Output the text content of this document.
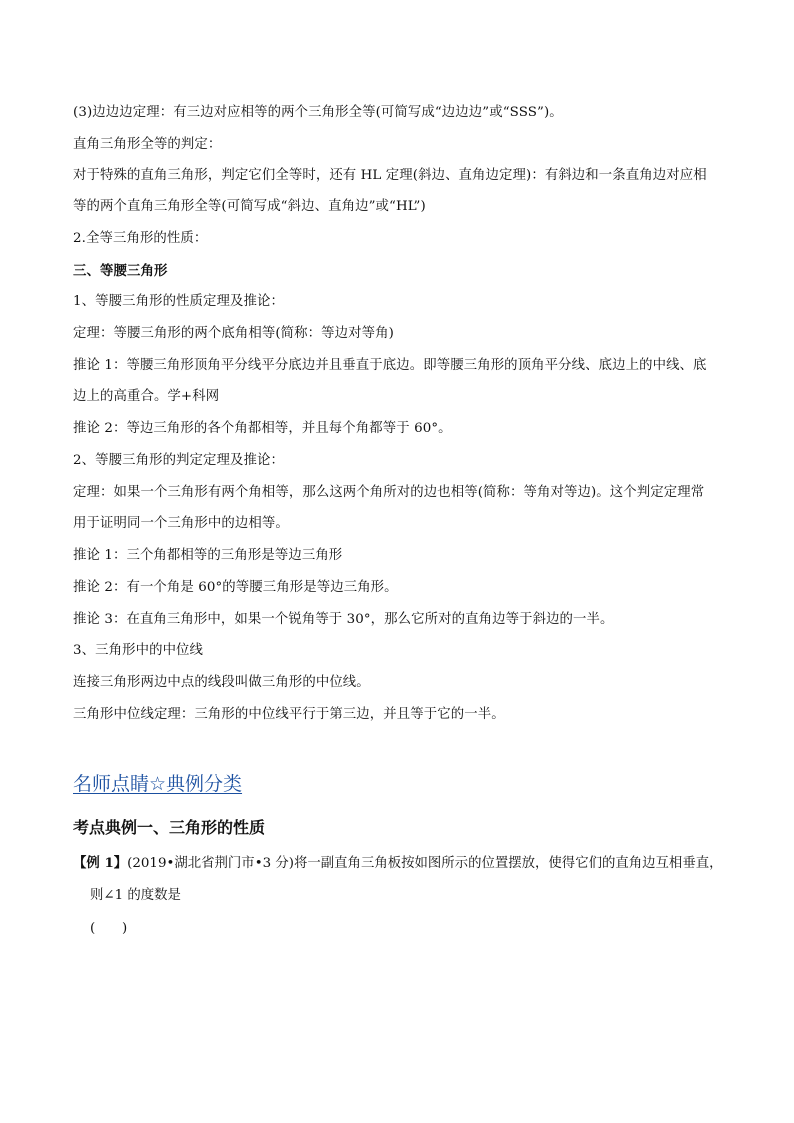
(3)边边边定理：有三边对应相等的两个三角形全等(可简写成“边边边”或“SSS”)。
直角三角形全等的判定：
对于特殊的直角三角形，判定它们全等时，还有 HL 定理(斜边、直角边定理)：有斜边和一条直角边对应相
等的两个直角三角形全等(可简写成“斜边、直角边”或“HL”)
2.全等三角形的性质：
三、等腰三角形
1、等腰三角形的性质定理及推论：
定理：等腰三角形的两个底角相等(简称：等边对等角)
推论 1：等腰三角形顶角平分线平分底边并且垂直于底边。即等腰三角形的顶角平分线、底边上的中线、底
边上的高重合。学+科网
推论 2：等边三角形的各个角都相等，并且每个角都等于 60°。
2、等腰三角形的判定定理及推论：
定理：如果一个三角形有两个角相等，那么这两个角所对的边也相等(简称：等角对等边)。这个判定定理常
用于证明同一个三角形中的边相等。
推论 1：三个角都相等的三角形是等边三角形
推论 2：有一个角是 60°的等腰三角形是等边三角形。
推论 3：在直角三角形中，如果一个锐角等于 30°，那么它所对的直角边等于斜边的一半。
3、三角形中的中位线
连接三角形两边中点的线段叫做三角形的中位线。
三角形中位线定理：三角形的中位线平行于第三边，并且等于它的一半。
名师点睛☆典例分类
考点典例一、三角形的性质
【例 1】(2019•湖北省荆门市•3 分)将一副直角三角板按如图所示的位置摆放，使得它们的直角边互相垂直，
则∠1 的度数是
(　　)
